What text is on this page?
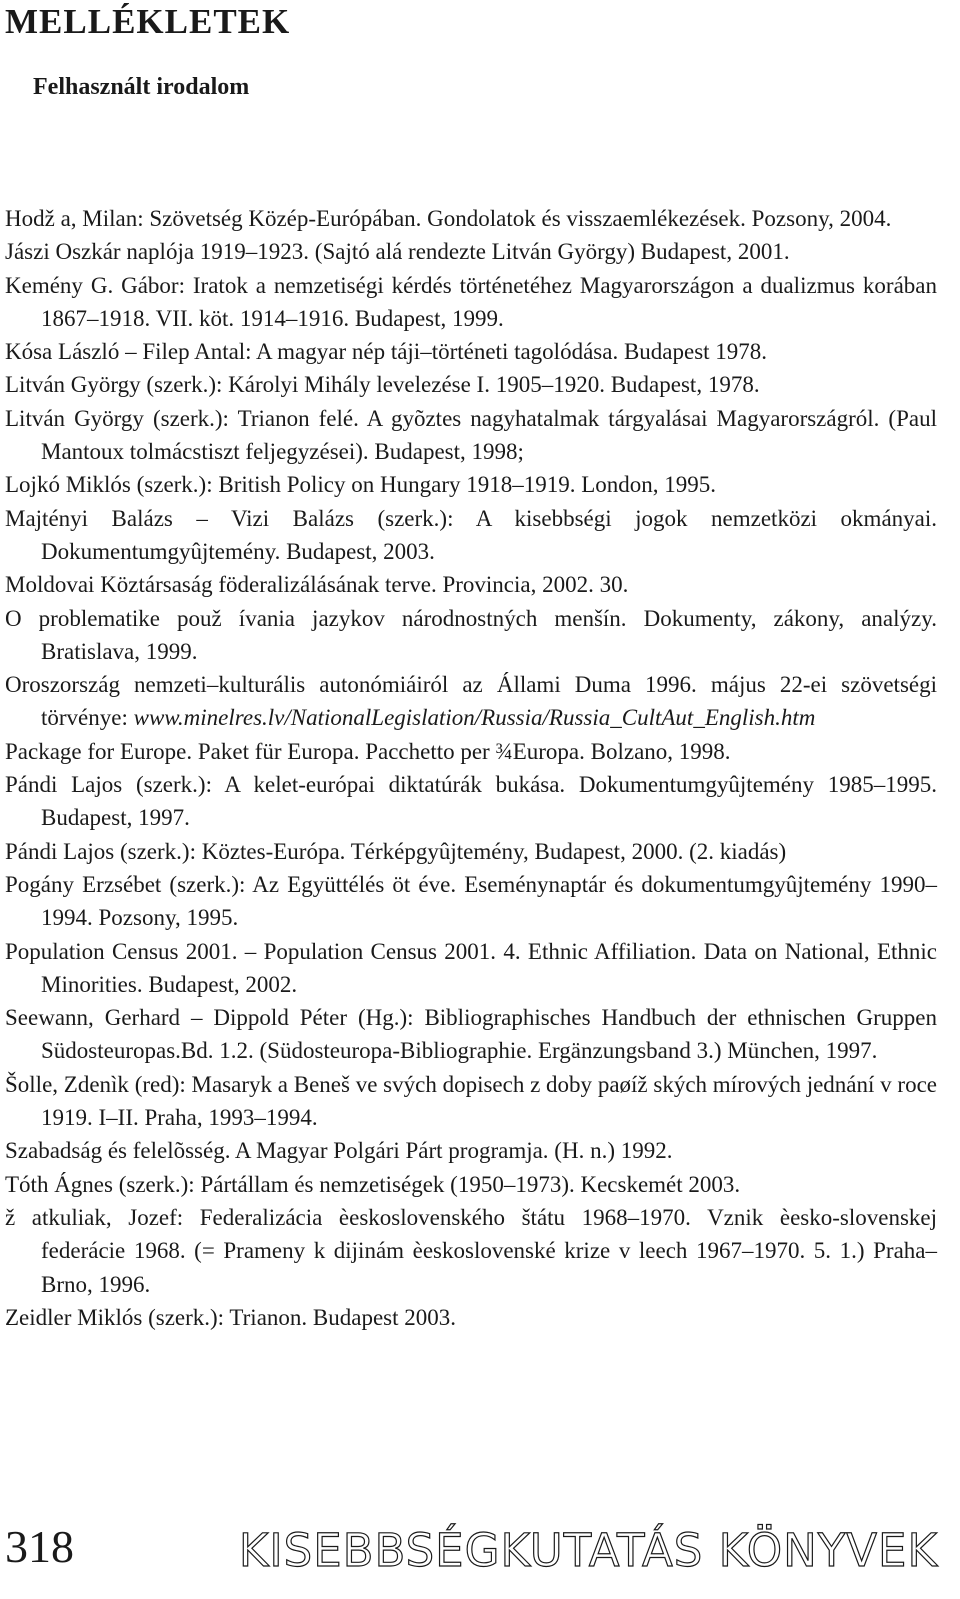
MELLÉKLETEK
Felhasznált irodalom
Hodž a, Milan: Szövetség Közép-Európában. Gondolatok és visszaemlékezések. Pozsony, 2004.
Jászi Oszkár naplója 1919–1923. (Sajtó alá rendezte Litván György) Budapest, 2001.
Kemény G. Gábor: Iratok a nemzetiségi kérdés történetéhez Magyarországon a dualizmus korában 1867–1918. VII. köt. 1914–1916. Budapest, 1999.
Kósa László – Filep Antal: A magyar nép táji–történeti tagolódása. Budapest 1978.
Litván György (szerk.): Károlyi Mihály levelezése I. 1905–1920. Budapest, 1978.
Litván György (szerk.): Trianon felé. A gyõztes nagyhatalmak tárgyalásai Magyarországról. (Paul Mantoux tolmácstiszt feljegyzései). Budapest, 1998;
Lojkó Miklós (szerk.): British Policy on Hungary 1918–1919. London, 1995.
Majtényi Balázs – Vizi Balázs (szerk.): A kisebbségi jogok nemzetközi okmányai. Dokumentumgyûjtemény. Budapest, 2003.
Moldovai Köztársaság föderalizálásának terve. Provincia, 2002. 30.
O problematike použ ívania jazykov národnostných menšín. Dokumenty, zákony, analýzy. Bratislava, 1999.
Oroszország nemzeti–kulturális autonómiáiról az Állami Duma 1996. május 22-ei szövetségi törvénye: www.minelres.lv/NationalLegislation/Russia/Russia_CultAut_English.htm
Package for Europe. Paket für Europa. Pacchetto per ¾Europa. Bolzano, 1998.
Pándi Lajos (szerk.): A kelet-európai diktatúrák bukása. Dokumentumgyûjtemény 1985–1995. Budapest, 1997.
Pándi Lajos (szerk.): Köztes-Európa. Térképgyûjtemény, Budapest, 2000. (2. kiadás)
Pogány Erzsébet (szerk.): Az Együttélés öt éve. Eseménynaptár és dokumentumgyûjtemény 1990–1994. Pozsony, 1995.
Population Census 2001. – Population Census 2001. 4. Ethnic Affiliation. Data on National, Ethnic Minorities. Budapest, 2002.
Seewann, Gerhard – Dippold Péter (Hg.): Bibliographisches Handbuch der ethnischen Gruppen Südosteuropas.Bd. 1.2. (Südosteuropa-Bibliographie. Ergänzungsband 3.) München, 1997.
Šolle, Zdenìk (red): Masaryk a Beneš ve svých dopisech z doby paøíž ských mírových jednání v roce 1919. I–II. Praha, 1993–1994.
Szabadság és felelõsség. A Magyar Polgári Párt programja. (H. n.) 1992.
Tóth Ágnes (szerk.): Pártállam és nemzetiségek (1950–1973). Kecskemét 2003.
ž atkuliak, Jozef: Federalizácia èeskoslovenského štátu 1968–1970. Vznik èesko-slovenskej federácie 1968. (= Prameny k dijinám èeskoslovenské krize v leech 1967–1970. 5. 1.) Praha–Brno, 1996.
Zeidler Miklós (szerk.): Trianon. Budapest 2003.
318	KISEBBSÉGKUTATÁS KÖNYVEK
